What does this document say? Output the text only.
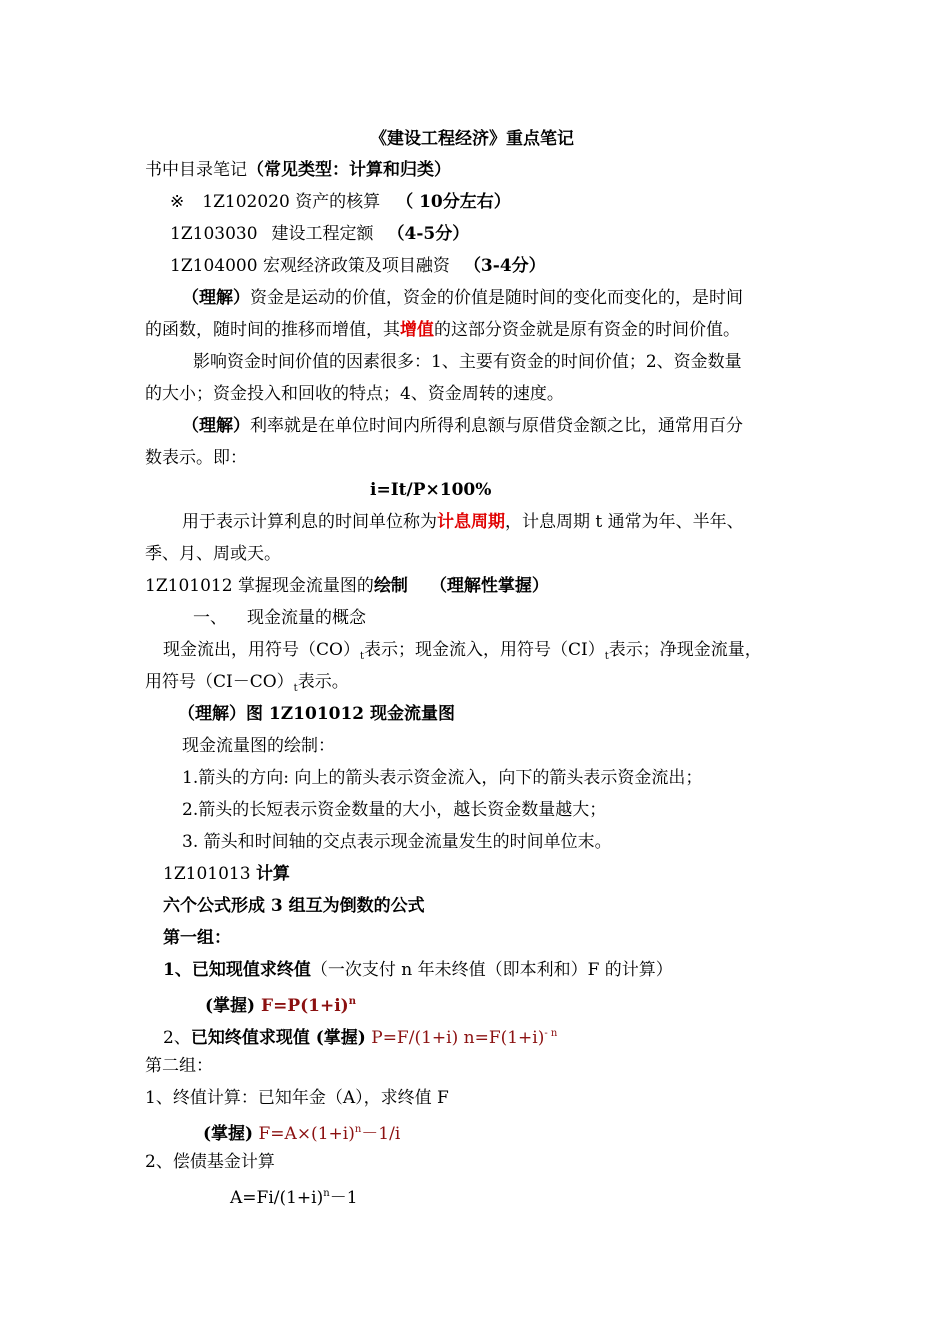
《建设工程经济》重点笔记
书中目录笔记（常见类型：计算和归类）
※ 1Z102020 资产的核算 （ 10分左右）
1Z103030 建设工程定额 （4-5分）
1Z104000 宏观经济政策及项目融资 （3-4分）
（理解）资金是运动的价值，资金的价值是随时间的变化而变化的，是时间
的函数，随时间的推移而增值，其增值的这部分资金就是原有资金的时间价值。
影响资金时间价值的因素很多：1、主要有资金的时间价值；2、资金数量
的大小；资金投入和回收的特点；4、资金周转的速度。
（理解）利率就是在单位时间内所得利息额与原借贷金额之比，通常用百分
数表示。即：
i=It/P×100%
用于表示计算利息的时间单位称为计息周期，计息周期 t 通常为年、半年、
季、月、周或天。
1Z101012 掌握现金流量图的绘制 （理解性掌握）
一、 现金流量的概念
现金流出，用符号$(CO)_t$表示；现金流入，用符号$(CI)_t$表示；净现金流量，
用符号$(CI-CO)_t$表示。
（理解）图 1Z101012 现金流量图
现金流量图的绘制：
1.箭头的方向: 向上的箭头表示资金流入，向下的箭头表示资金流出；
2.箭头的长短表示资金数量的大小，越长资金数量越大；
3. 箭头和时间轴的交点表示现金流量发生的时间单位末。
1Z101013 计算
六个公式形成 3 组互为倒数的公式
第一组：
1、已知现值求终值（一次支付 n 年未终值（即本利和）F 的计算）
(掌握) $F=P(1+i)^n$
2、已知终值求现值 (掌握) P=F/(1+i) $n=F(1+i)^{- n}$
第二组：
1、终值计算：已知年金（A），求终值 F
(掌握) $F=A\times(1+i)^n-1/i$
2、偿债基金计算
$A=Fi/(1+i)^n-1$
